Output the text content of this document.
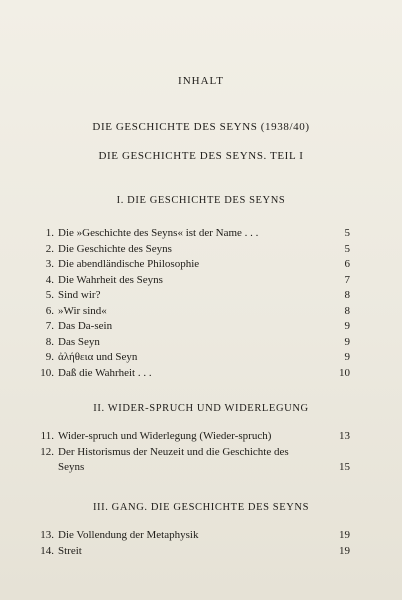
INHALT
DIE GESCHICHTE DES SEYNS (1938/40)
DIE GESCHICHTE DES SEYNS. TEIL I
I. DIE GESCHICHTE DES SEYNS
1. Die »Geschichte des Seyns« ist der Name . . .	5
2. Die Geschichte des Seyns	5
3. Die abendländische Philosophie	6
4. Die Wahrheit des Seyns	7
5. Sind wir?	8
6. »Wir sind«	8
7. Das Da-sein	9
8. Das Seyn	9
9. ἀλήθεια und Seyn	9
10. Daß die Wahrheit . . .	10
II. WIDER-SPRUCH UND WIDERLEGUNG
11. Wider-spruch und Widerlegung (Wieder-spruch)	13
12. Der Historismus der Neuzeit und die Geschichte des Seyns	15
III. GANG. DIE GESCHICHTE DES SEYNS
13. Die Vollendung der Metaphysik	19
14. Streit	19
